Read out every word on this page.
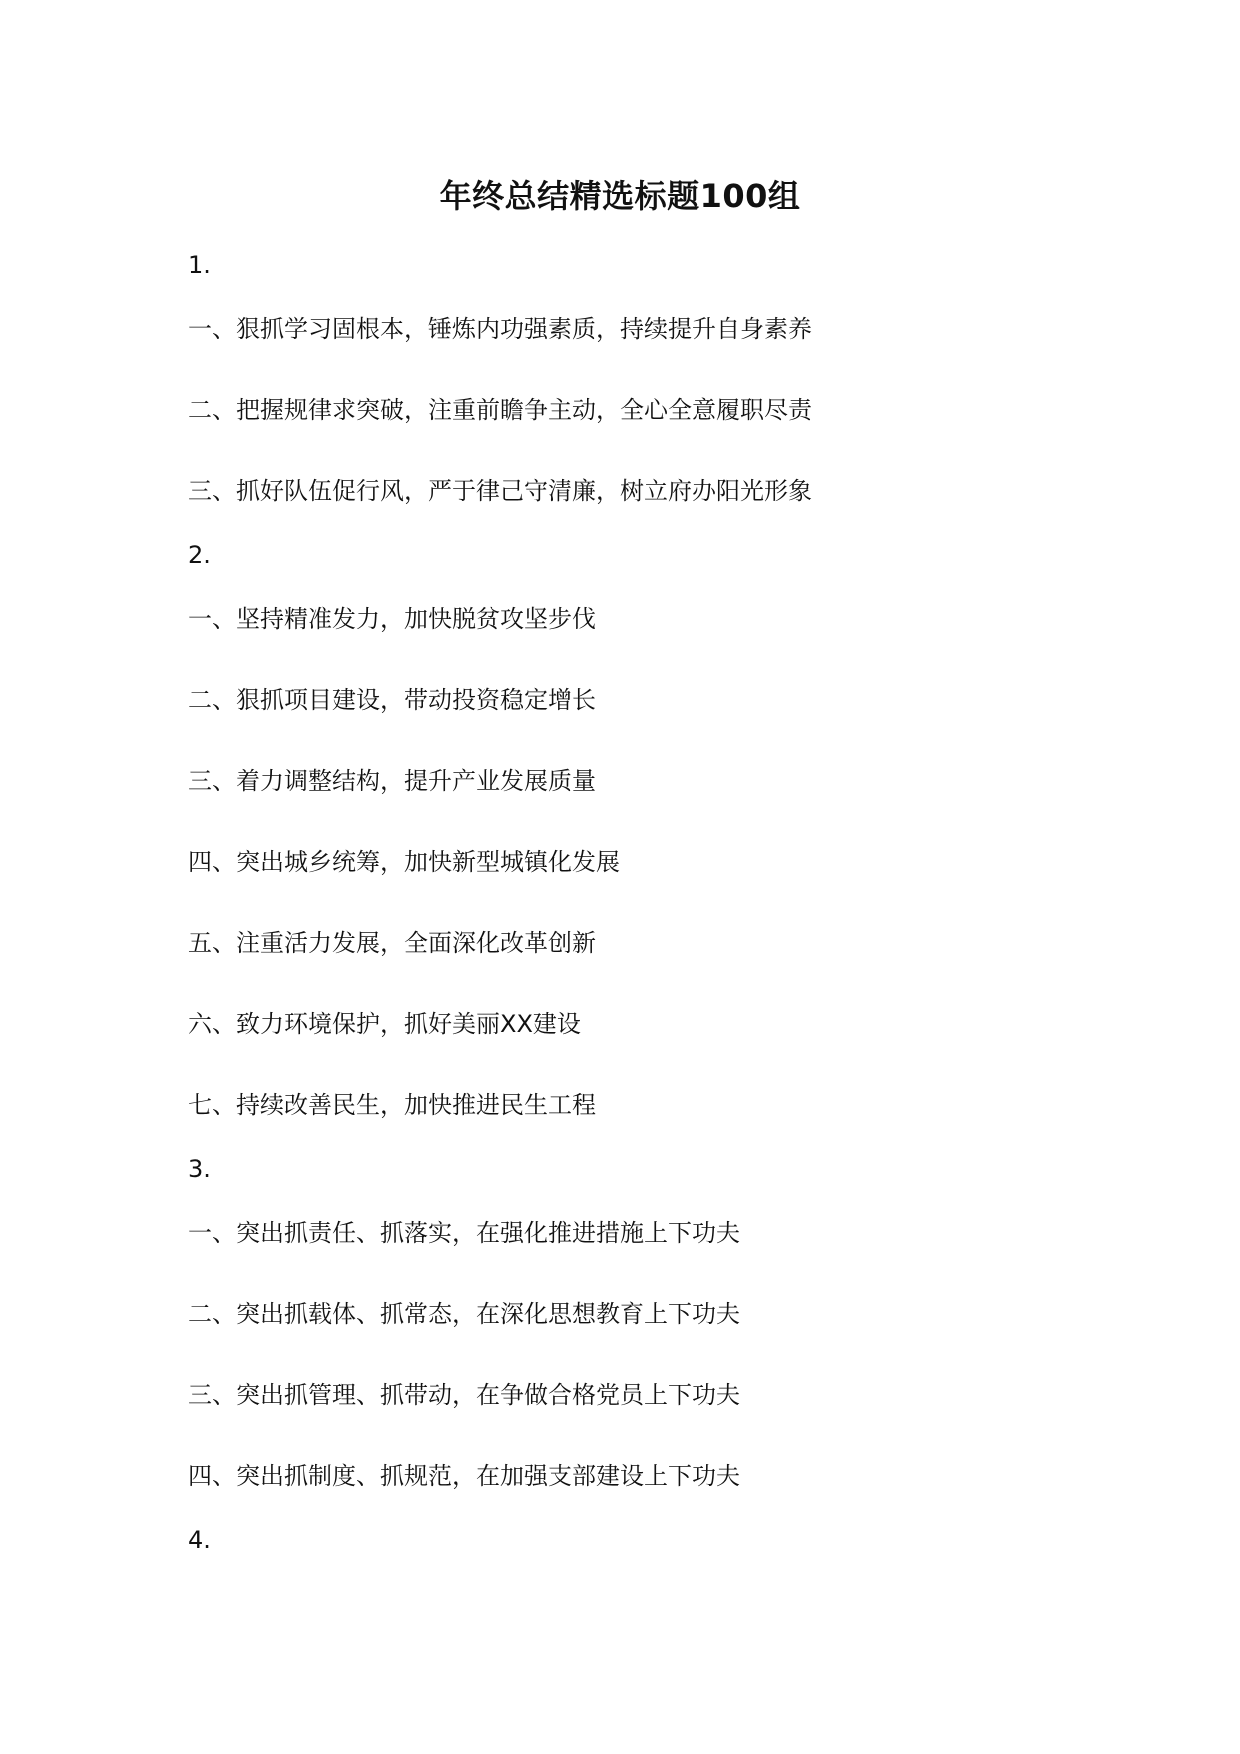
年终总结精选标题100组
1.
一、狠抓学习固根本，锤炼内功强素质，持续提升自身素养
二、把握规律求突破，注重前瞻争主动，全心全意履职尽责
三、抓好队伍促行风，严于律己守清廉，树立府办阳光形象
2.
一、坚持精准发力，加快脱贫攻坚步伐
二、狠抓项目建设，带动投资稳定增长
三、着力调整结构，提升产业发展质量
四、突出城乡统筹，加快新型城镇化发展
五、注重活力发展，全面深化改革创新
六、致力环境保护，抓好美丽XX建设
七、持续改善民生，加快推进民生工程
3.
一、突出抓责任、抓落实，在强化推进措施上下功夫
二、突出抓载体、抓常态，在深化思想教育上下功夫
三、突出抓管理、抓带动，在争做合格党员上下功夫
四、突出抓制度、抓规范，在加强支部建设上下功夫
4.
